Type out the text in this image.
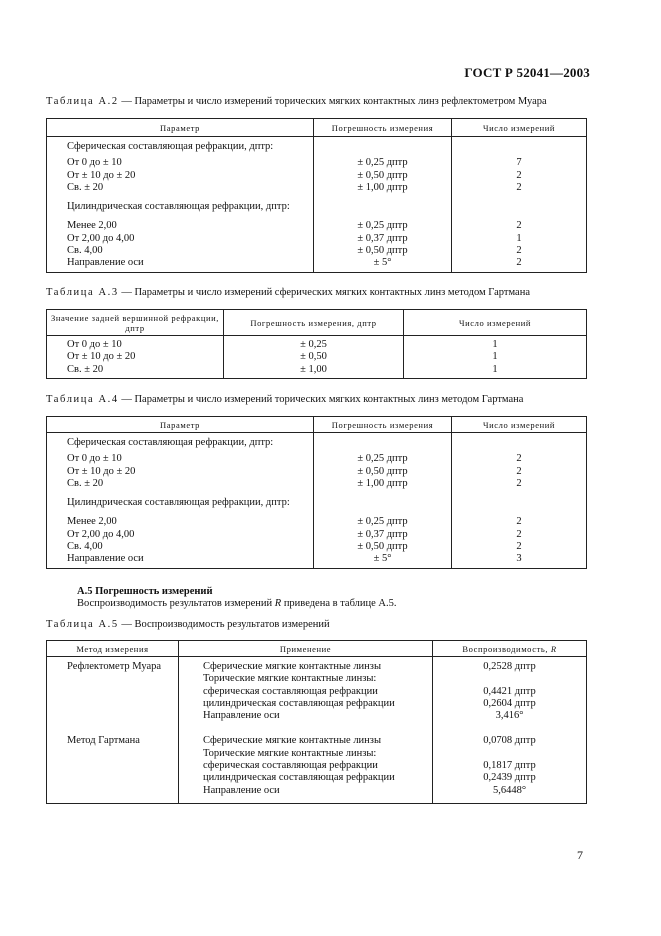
ГОСТ Р 52041—2003
Таблица А.2 — Параметры и число измерений торических мягких контактных линз рефлектометром Муара
Параметр	Погрешность измерения	Число измерений
Сферическая составляющая рефракции, дптр:		
От 0 до ± 10	± 0,25 дптр	7
От ± 10 до ± 20	± 0,50 дптр	2
Св. ± 20	± 1,00 дптр	2
Цилиндрическая составляющая рефракции, дптр:		
Менее 2,00	± 0,25 дптр	2
От 2,00 до 4,00	± 0,37 дптр	1
Св. 4,00	± 0,50 дптр	2
Направление оси	± 5°	2
Таблица А.3 — Параметры и число измерений сферических мягких контактных линз методом Гартмана
Значение задней вершинной рефракции, дптр	Погрешность измерения, дптр	Число измерений
От 0 до ± 10	± 0,25	1
От ± 10 до ± 20	± 0,50	1
Св. ± 20	± 1,00	1
Таблица А.4 — Параметры и число измерений торических мягких контактных линз методом Гартмана
Параметр	Погрешность измерения	Число измерений
Сферическая составляющая рефракции, дптр:		
От 0 до ± 10	± 0,25 дптр	2
От ± 10 до ± 20	± 0,50 дптр	2
Св. ± 20	± 1,00 дптр	2
Цилиндрическая составляющая рефракции, дптр:		
Менее 2,00	± 0,25 дптр	2
От 2,00 до 4,00	± 0,37 дптр	2
Св. 4,00	± 0,50 дптр	2
Направление оси	± 5°	3
А.5 Погрешность измерений
Воспроизводимость результатов измерений R приведена в таблице А.5.
Таблица А.5 — Воспроизводимость результатов измерений
Метод измерения	Применение	Воспроизводимость, R
Рефлектометр Муара	Сферические мягкие контактные линзы	0,2528 дптр
	Торические мягкие контактные линзы:	
	сферическая составляющая рефракции	0,4421 дптр
	цилиндрическая составляющая рефракции	0,2604 дптр
	Направление оси	3,416°
Метод Гартмана	Сферические мягкие контактные линзы	0,0708 дптр
	Торические мягкие контактные линзы:	
	сферическая составляющая рефракции	0,1817 дптр
	цилиндрическая составляющая рефракции	0,2439 дптр
	Направление оси	5,6448°
7
